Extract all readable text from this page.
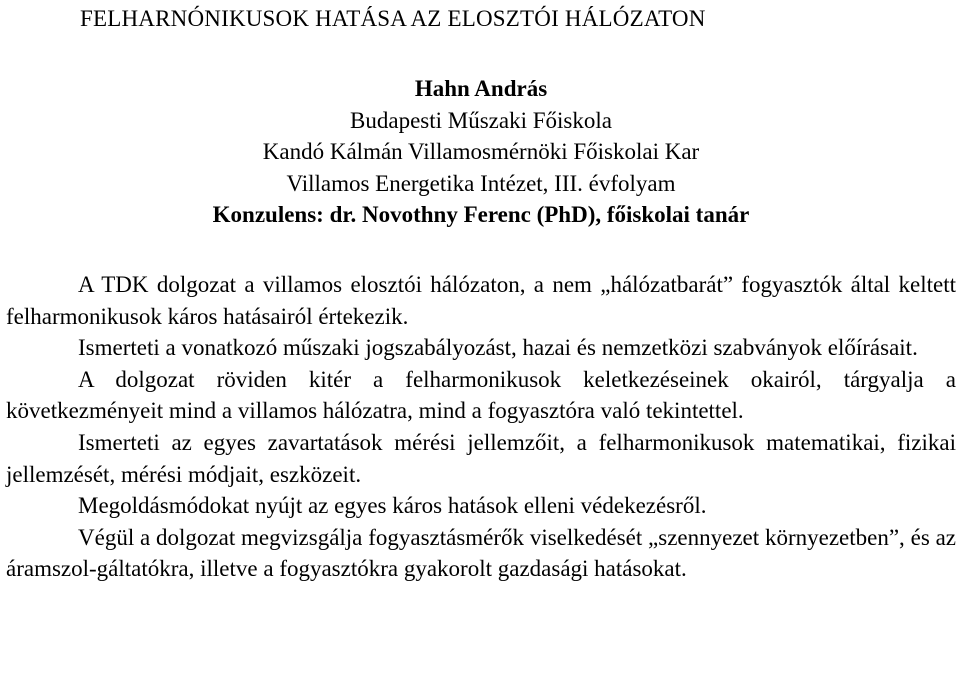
FELHARNÓNIKUSOK HATÁSA AZ ELOSZTÓI HÁLÓZATON
Hahn András
Budapesti Műszaki Főiskola
Kandó Kálmán Villamosmérnöki Főiskolai Kar
Villamos Energetika Intézet, III. évfolyam
Konzulens: dr. Novothny Ferenc (PhD), főiskolai tanár

A TDK dolgozat a villamos elosztói hálózaton, a nem „hálózatbarát” fogyasztók által keltett felharmonikusok káros hatásairól értekezik.

Ismerteti a vonatkozó műszaki jogszabályozást, hazai és nemzetközi szabványok előírásait.

A dolgozat röviden kitér a felharmonikusok keletkezéseinek okairól, tárgyalja a következményeit mind a villamos hálózatra, mind a fogyasztóra való tekintettel.

Ismerteti az egyes zavartatások mérési jellemzőit, a felharmonikusok matematikai, fizikai jellemzését, mérési módjait, eszközeit.

Megoldásmódokat nyújt az egyes káros hatások elleni védekezésről.

Végül a dolgozat megvizsgálja fogyasztásmérők viselkedését „szennyezet környezetben”, és az áramszol-gáltatókra, illetve a fogyasztókra gyakorolt gazdasági hatásokat.
